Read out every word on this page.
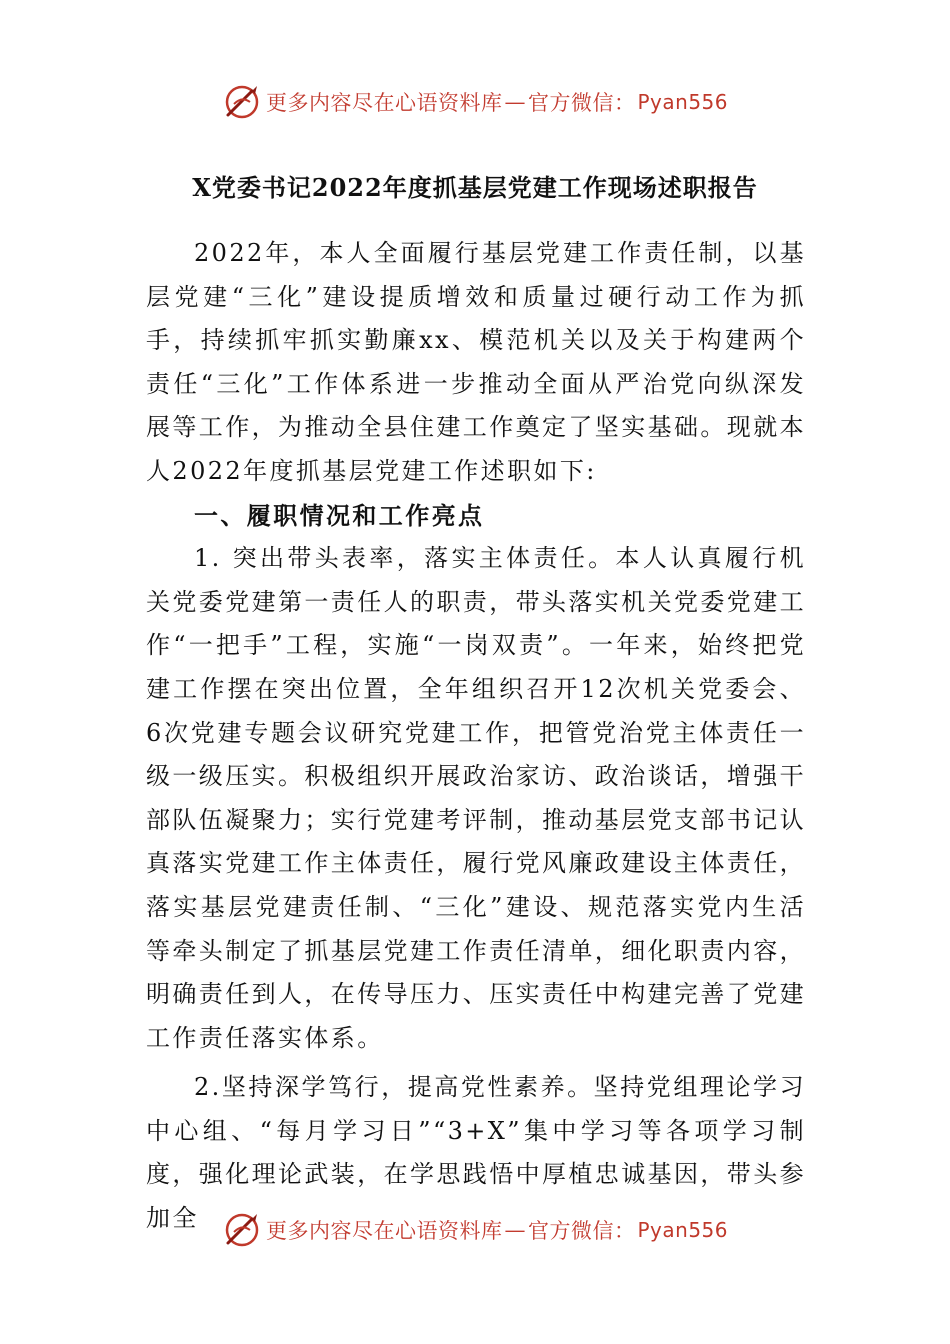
更多内容尽在心语资料库 — 官方微信： Pyan556
X党委书记2022年度抓基层党建工作现场述职报告

2022年，本人全面履行基层党建工作责任制，以基层党建“三化”建设提质增效和质量过硬行动工作为抓手，持续抓牢抓实勤廉xx、模范机关以及关于构建两个责任“三化”工作体系进一步推动全面从严治党向纵深发展等工作，为推动全县住建工作奠定了坚实基础。现就本人2022年度抓基层党建工作述职如下:

一、履职情况和工作亮点

1. 突出带头表率，落实主体责任。本人认真履行机关党委党建第一责任人的职责，带头落实机关党委党建工作“一把手”工程，实施“一岗双责”。一年来，始终把党建工作摆在突出位置，全年组织召开12次机关党委会、6次党建专题会议研究党建工作，把管党治党主体责任一级一级压实。积极组织开展政治家访、政治谈话，增强干部队伍凝聚力；实行党建考评制，推动基层党支部书记认真落实党建工作主体责任，履行党风廉政建设主体责任，落实基层党建责任制、“三化”建设、规范落实党内生活等牵头制定了抓基层党建工作责任清单，细化职责内容，明确责任到人，在传导压力、压实责任中构建完善了党建工作责任落实体系。

2.坚持深学笃行，提高党性素养。坚持党组理论学习中心组、“每月学习日”“3+X”集中学习等各项学习制度，强化理论武装，在学思践悟中厚植忠诚基因，带头参加全	更多内容尽在心语资料库 — 官方微信： Pyan556
